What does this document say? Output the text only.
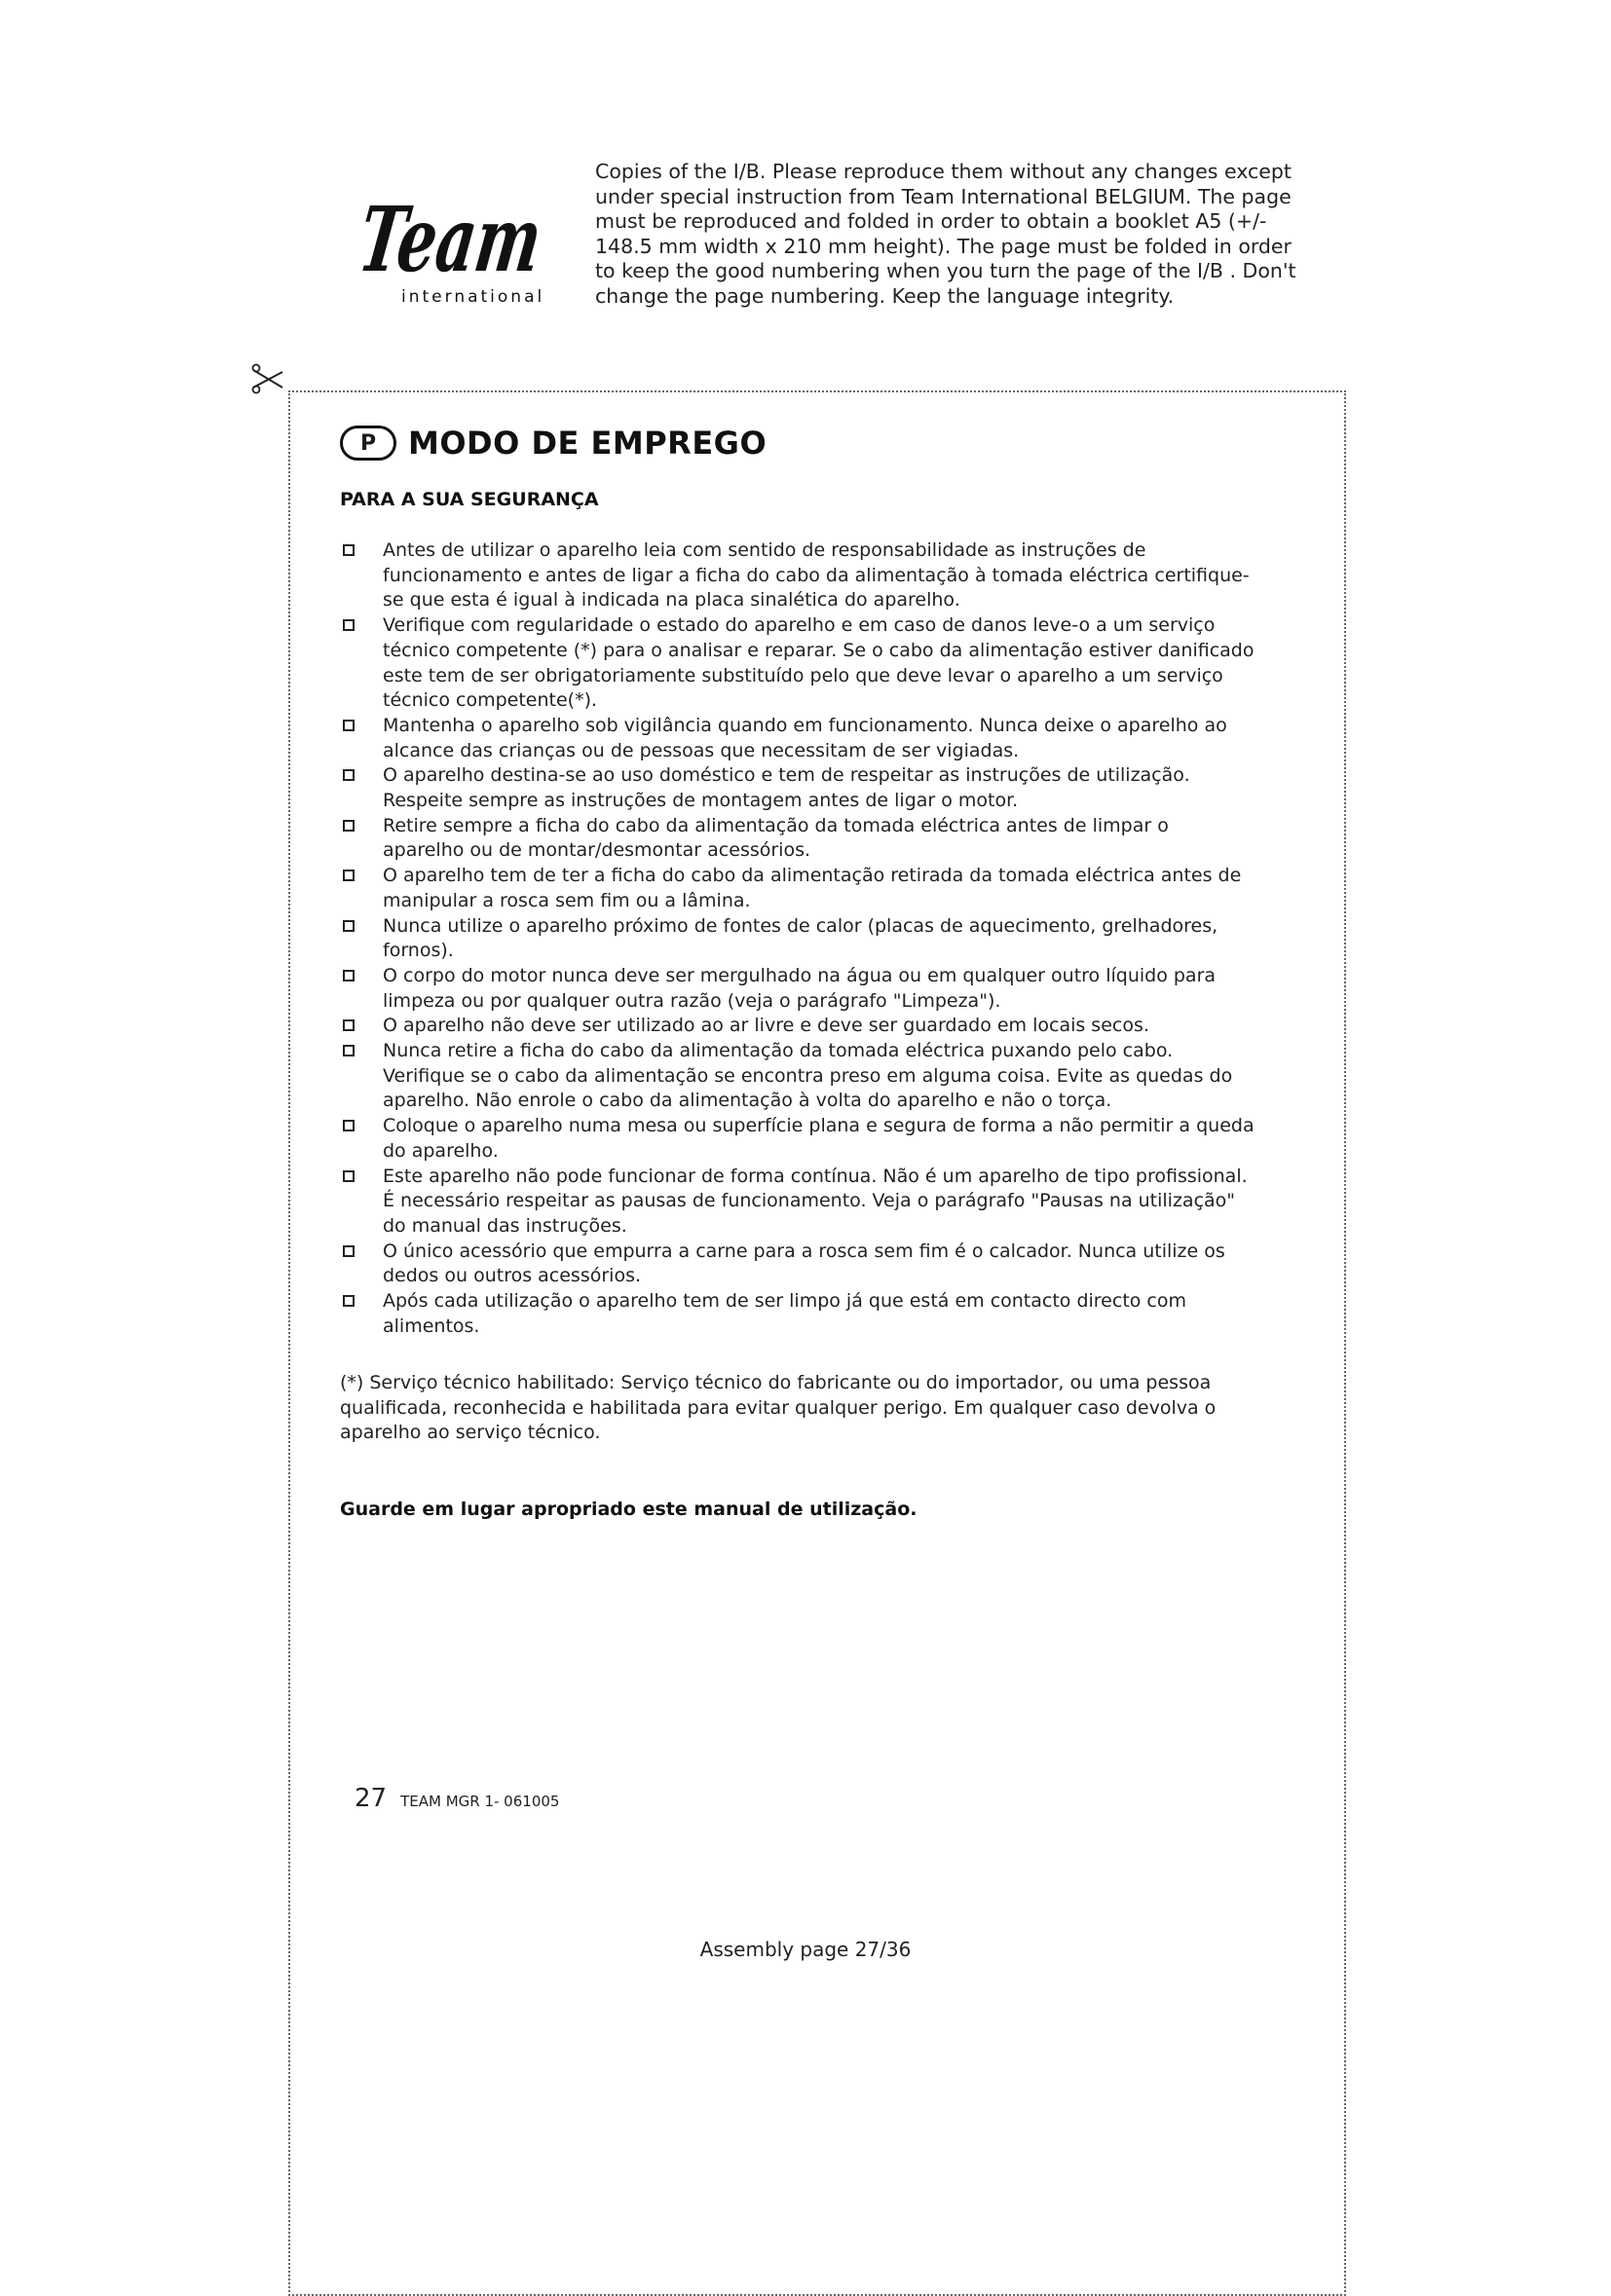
Team
international
Copies of the I/B. Please reproduce them without any changes except under special instruction from Team International BELGIUM. The page must be reproduced and folded in order to obtain a booklet A5 (+/- 148.5 mm width x 210 mm height). The page must be folded in order to keep the good numbering when you turn the page of the I/B . Don't change the page numbering. Keep the language integrity.
P	MODO DE EMPREGO
PARA A SUA SEGURANÇA
Antes de utilizar o aparelho leia com sentido de responsabilidade as instruções de funcionamento e antes de ligar a ficha do cabo da alimentação à tomada eléctrica certifique-se que esta é igual à indicada na placa sinalética do aparelho.
Verifique com regularidade o estado do aparelho e em caso de danos leve-o a um serviço técnico competente (*) para o analisar e reparar. Se o cabo da alimentação estiver danificado este tem de ser obrigatoriamente substituído pelo que deve levar o aparelho a um serviço técnico competente(*).
Mantenha o aparelho sob vigilância quando em funcionamento. Nunca deixe o aparelho ao alcance das crianças ou de pessoas que necessitam de ser vigiadas.
O aparelho destina-se ao uso doméstico e tem de respeitar as instruções de utilização. Respeite sempre as instruções de montagem antes de ligar o motor.
Retire sempre a ficha do cabo da alimentação da tomada eléctrica antes de limpar o aparelho ou de montar/desmontar acessórios.
O aparelho tem de ter a ficha do cabo da alimentação retirada da tomada eléctrica antes de manipular a rosca sem fim ou a lâmina.
Nunca utilize o aparelho próximo de fontes de calor (placas de aquecimento, grelhadores, fornos).
O corpo do motor nunca deve ser mergulhado na água ou em qualquer outro líquido para limpeza ou por qualquer outra razão (veja o parágrafo "Limpeza").
O aparelho não deve ser utilizado ao ar livre e deve ser guardado em locais secos.
Nunca retire a ficha do cabo da alimentação da tomada eléctrica puxando pelo cabo. Verifique se o cabo da alimentação se encontra preso em alguma coisa. Evite as quedas do aparelho. Não enrole o cabo da alimentação à volta do aparelho e não o torça.
Coloque o aparelho numa mesa ou superfície plana e segura de forma a não permitir a queda do aparelho.
Este aparelho não pode funcionar de forma contínua. Não é um aparelho de tipo profissional. É necessário respeitar as pausas de funcionamento. Veja o parágrafo "Pausas na utilização" do manual das instruções.
O único acessório que empurra a carne para a rosca sem fim é o calcador. Nunca utilize os dedos ou outros acessórios.
Após cada utilização o aparelho tem de ser limpo já que está em contacto directo com alimentos.
(*) Serviço técnico habilitado: Serviço técnico do fabricante ou do importador, ou uma pessoa qualificada, reconhecida e habilitada para evitar qualquer perigo. Em qualquer caso devolva o aparelho ao serviço técnico.
Guarde em lugar apropriado este manual de utilização.
27 TEAM MGR 1- 061005
Assembly page 27/36
